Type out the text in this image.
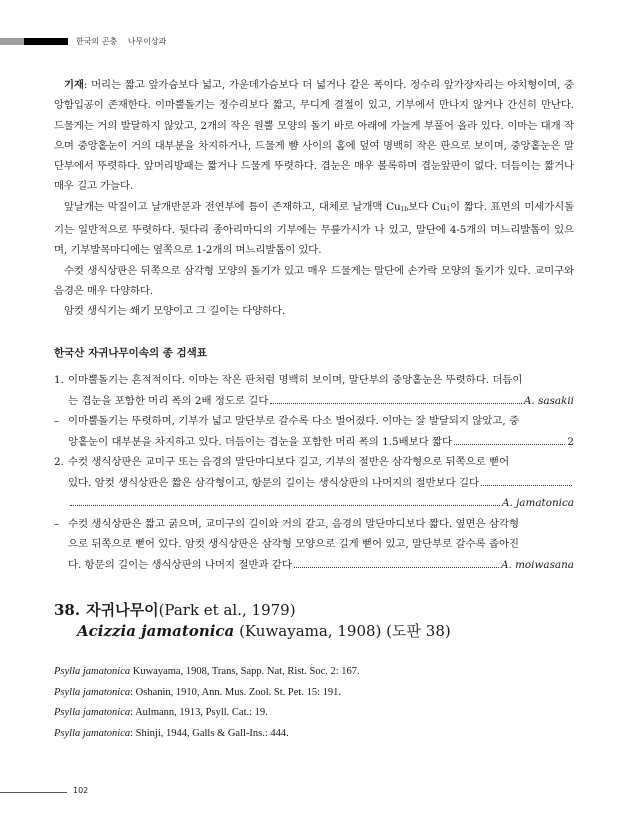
한국의 곤충 나무이상과

기재: 머리는 짧고 앞가슴보다 넓고, 가운데가슴보다 더 넓거나 같은 폭이다. 정수리 앞가장자리는 아치형이며, 중앙함입공이 존재한다. 이마뿔돌기는 정수리보다 짧고, 무디게 결절이 있고, 기부에서 만나지 않거나 간신히 만난다. 드물게는 거의 발달하지 않았고, 2개의 작은 원뿔 모양의 돌기 바로 아래에 가늘게 부풀어 올라 있다. 이마는 대개 작으며 중앙홑눈이 거의 대부분을 차지하거나, 드물게 뺨 사이의 홈에 덮여 명백히 작은 판으로 보이며, 중앙홑눈은 말단부에서 뚜렷하다. 앞머리방패는 짧거나 드물게 뚜렷하다. 겹눈은 매우 볼록하며 겹눈앞판이 없다. 더듬이는 짧거나 매우 길고 가늘다.

앞날개는 막질이고 날개반문과 전연부에 틈이 존재하고, 대체로 날개맥 $Cu_{1b}$보다 $Cu_1$이 짧다. 표면의 미세가시돌기는 일반적으로 뚜렷하다. 뒷다리 종아리마디의 기부에는 무릎가시가 나 있고, 말단에 4-5개의 며느리발톱이 있으며, 기부발목마디에는 옆쪽으로 1-2개의 며느리발톱이 있다.

수컷 생식상판은 뒤쪽으로 삼각형 모양의 돌기가 있고 매우 드물게는 말단에 손가락 모양의 돌기가 있다. 교미구와 음경은 매우 다양하다.

암컷 생식기는 쐐기 모양이고 그 길이는 다양하다.

한국산 자귀나무이속의 종 검색표
1. 이마뿔돌기는 흔적적이다. 이마는 작은 판처럼 명백히 보이며, 말단부의 중앙홑눈은 뚜렷하다. 더듬이
는 겹눈을 포함한 머리 폭의 2배 정도로 길다	A. sasakii
– 이마뿔돌기는 뚜렷하며, 기부가 넓고 말단부로 갈수록 다소 벌어졌다. 이마는 잘 발달되지 않았고, 중
앙홑눈이 대부분을 차지하고 있다. 더듬이는 겹눈을 포함한 머리 폭의 1.5배보다 짧다	2
2. 수컷 생식상판은 교미구 또는 음경의 말단마디보다 길고, 기부의 절반은 삼각형으로 뒤쪽으로 뻗어
있다. 암컷 생식상판은 짧은 삼각형이고, 항문의 길이는 생식상판의 나머지의 절반보다 길다
A. jamatonica
– 수컷 생식상판은 짧고 굵으며, 교미구의 길이와 거의 같고, 음경의 말단마디보다 짧다. 옆면은 삼각형
으로 뒤쪽으로 뻗어 있다. 암컷 생식상판은 삼각형 모양으로 길게 뻗어 있고, 말단부로 갈수록 좁아진
다. 항문의 길이는 생식상판의 나머지 절반과 같다	A. moiwasana
38. 자귀나무이(Park et al., 1979)
Acizzia jamatonica (Kuwayama, 1908) (도판 38)
Psylla jamatonica Kuwayama, 1908, Trans, Sapp. Nat, Rist. Soc. 2: 167.
Psylla jamatonica: Oshanin, 1910, Ann. Mus. Zool. St. Pet. 15: 191.
Psylla jamatonica: Aulmann, 1913, Psyll. Cat.: 19.
Psylla jamatonica: Shinji, 1944, Galls & Gall-Ins.: 444.
102
